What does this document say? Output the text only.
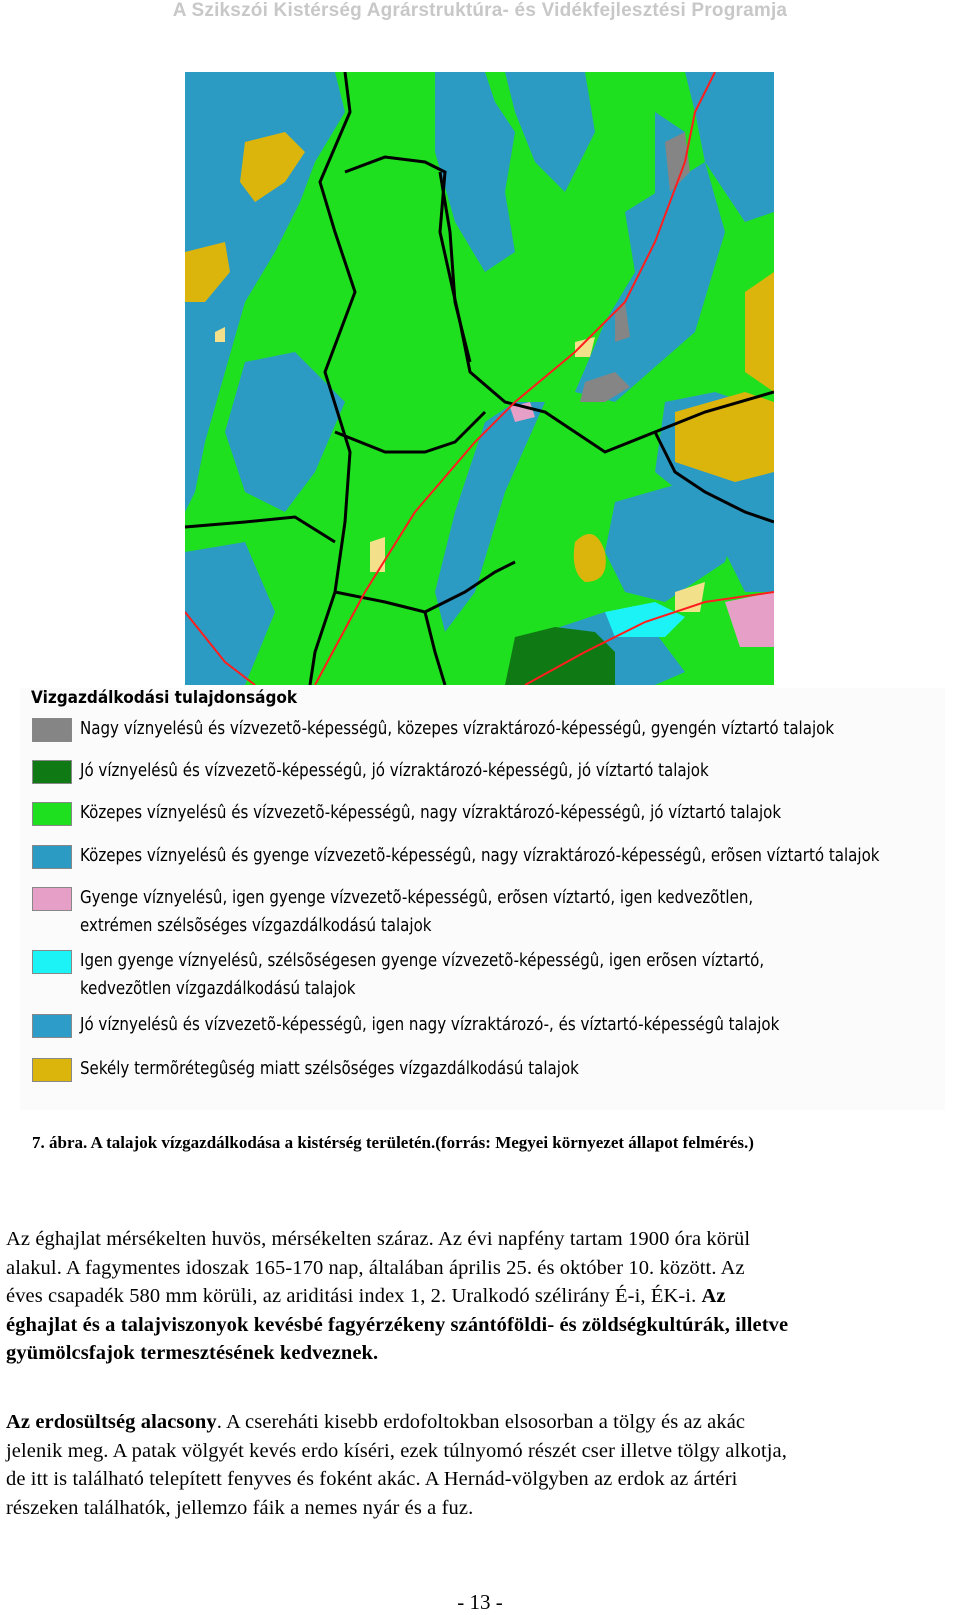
A Szikszói Kistérség Agrárstruktúra- és Vidékfejlesztési Programja
Vizgazdálkodási tulajdonságok
Nagy víznyelésû és vízvezetõ-képességû, közepes vízraktározó-képességû, gyengén víztartó talajok
Jó víznyelésû és vízvezetõ-képességû, jó vízraktározó-képességû, jó víztartó talajok
Közepes víznyelésû és vízvezetõ-képességû, nagy vízraktározó-képességû, jó víztartó talajok
Közepes víznyelésû és gyenge vízvezetõ-képességû, nagy vízraktározó-képességû, erõsen víztartó talajok
Gyenge víznyelésû, igen gyenge vízvezetõ-képességû, erõsen víztartó, igen kedvezõtlen,
extrémen szélsõséges vízgazdálkodású talajok
Igen gyenge víznyelésû, szélsõségesen gyenge vízvezetõ-képességû, igen erõsen víztartó,
kedvezõtlen vízgazdálkodású talajok
Jó víznyelésû és vízvezetõ-képességû, igen nagy vízraktározó-, és víztartó-képességû talajok
Sekély termõrétegûség miatt szélsõséges vízgazdálkodású talajok
7. ábra. A talajok vízgazdálkodása a kistérség területén.(forrás: Megyei környezet állapot felmérés.)
Az éghajlat mérsékelten huvös, mérsékelten száraz. Az évi napfény tartam 1900 óra körül
alakul. A fagymentes idoszak 165-170 nap, általában április 25. és október 10. között. Az
éves csapadék 580 mm körüli, az ariditási index 1, 2. Uralkodó szélirány É-i, ÉK-i. Az
éghajlat és a talajviszonyok kevésbé fagyérzékeny szántóföldi- és zöldségkultúrák, illetve
gyümölcsfajok termesztésének kedveznek.
Az erdosültség alacsony. A csereháti kisebb erdofoltokban elsosorban a tölgy és az akác
jelenik meg. A patak völgyét kevés erdo kíséri, ezek túlnyomó részét cser illetve tölgy alkotja,
de itt is található telepített fenyves és foként akác. A Hernád-völgyben az erdok az ártéri
részeken találhatók, jellemzo fáik a nemes nyár és a fuz.
- 13 -
